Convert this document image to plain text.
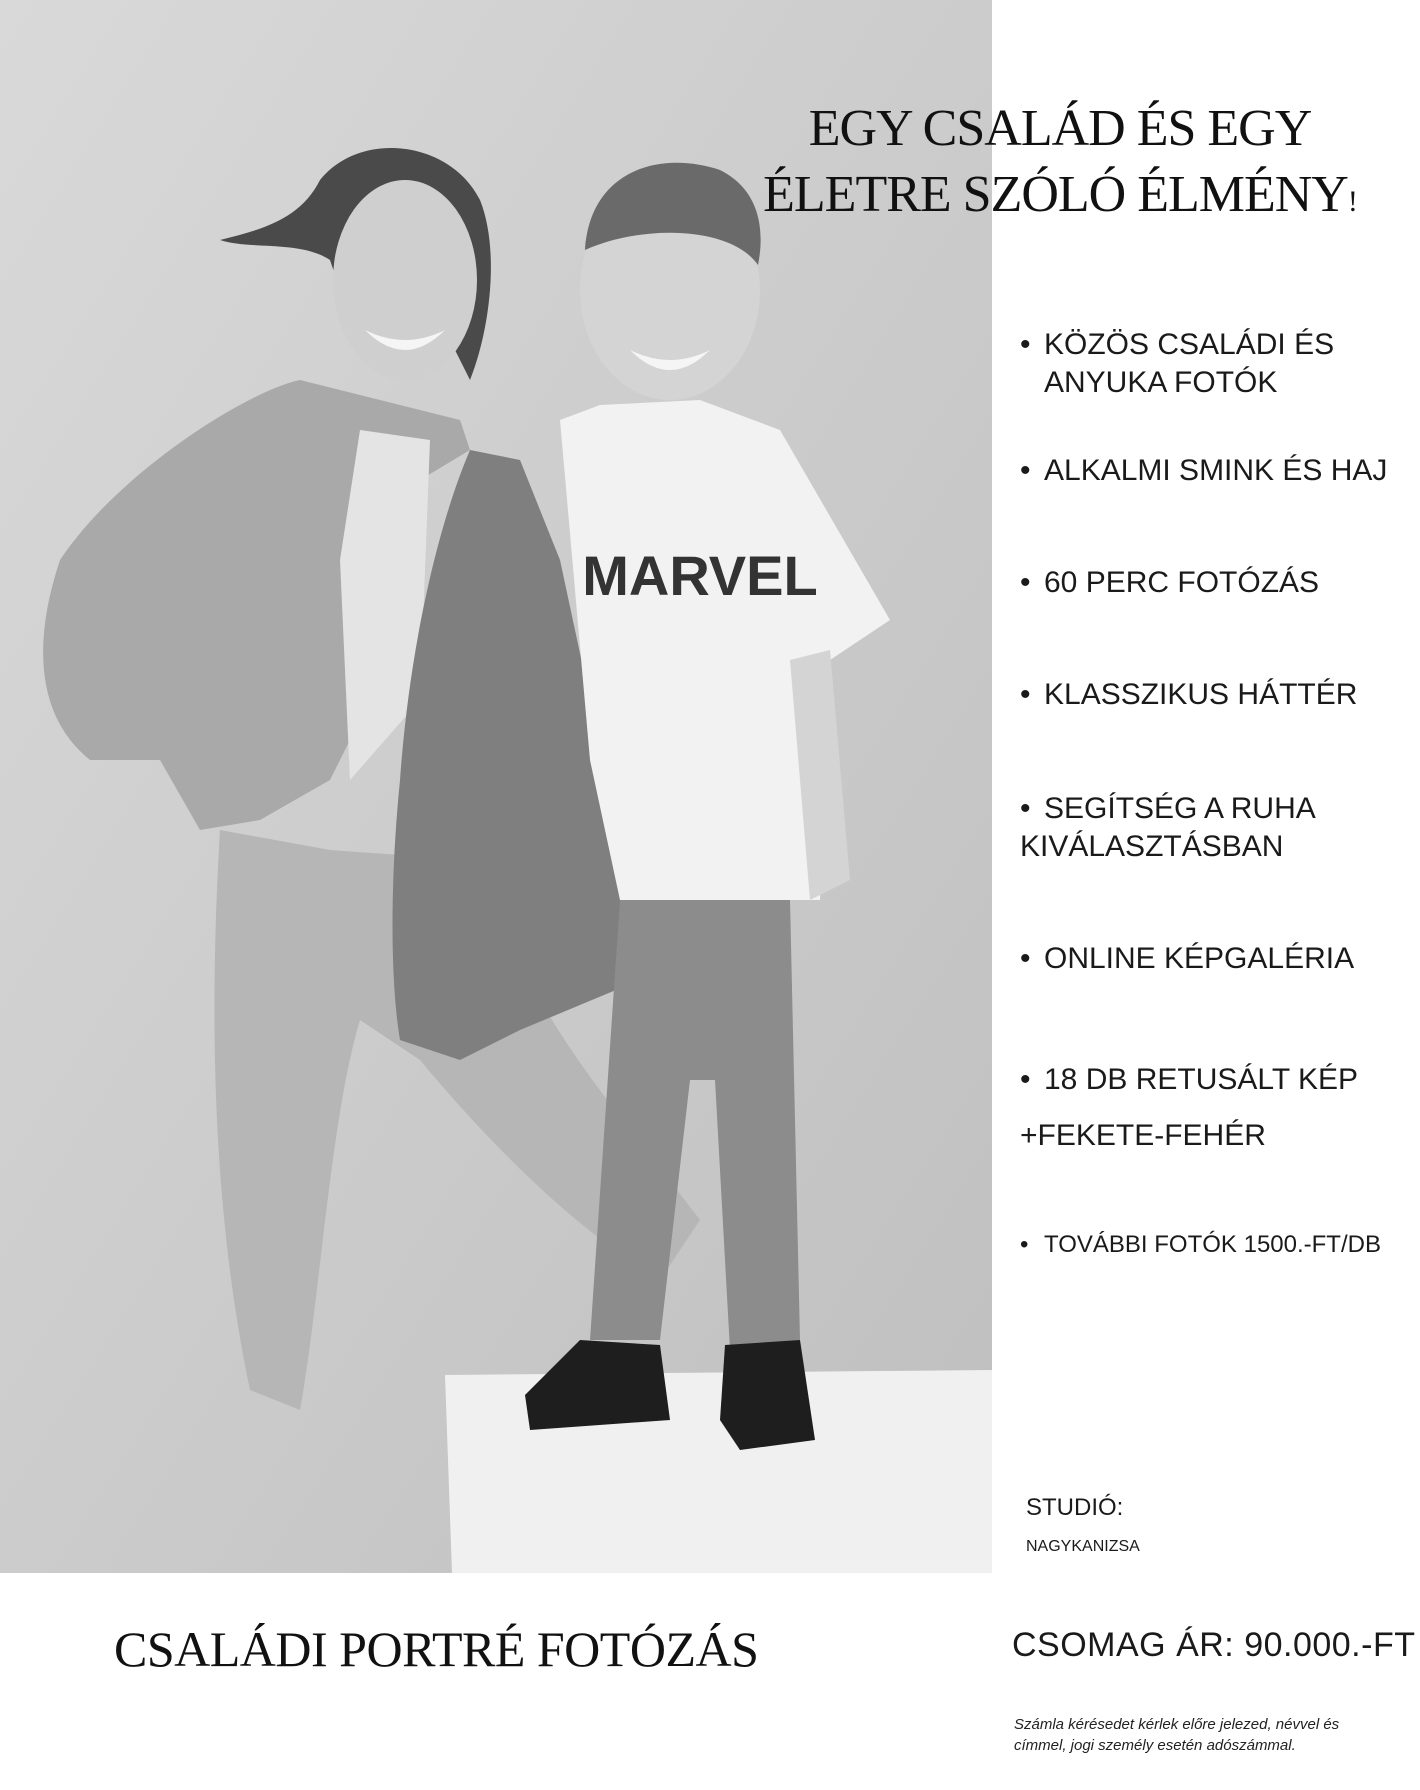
MARVEL
EGY CSALÁD ÉS EGY
ÉLETRE SZÓLÓ ÉLMÉNY!
• KÖZÖS CSALÁDI ÉS
ANYUKA FOTÓK
• ALKALMI SMINK ÉS HAJ
• 60 PERC FOTÓZÁS
• KLASSZIKUS HÁTTÉR
• SEGÍTSÉG A RUHA
KIVÁLASZTÁSBAN
• ONLINE KÉPGALÉRIA
• 18 DB RETUSÁLT KÉP
+FEKETE-FEHÉR
• TOVÁBBI FOTÓK 1500.-FT/DB
STUDIÓ:
NAGYKANIZSA
CSALÁDI PORTRÉ FOTÓZÁS	CSOMAG ÁR: 90.000.-FT
Számla kérésedet kérlek előre jelezed, névvel és címmel, jogi személy esetén adószámmal.
